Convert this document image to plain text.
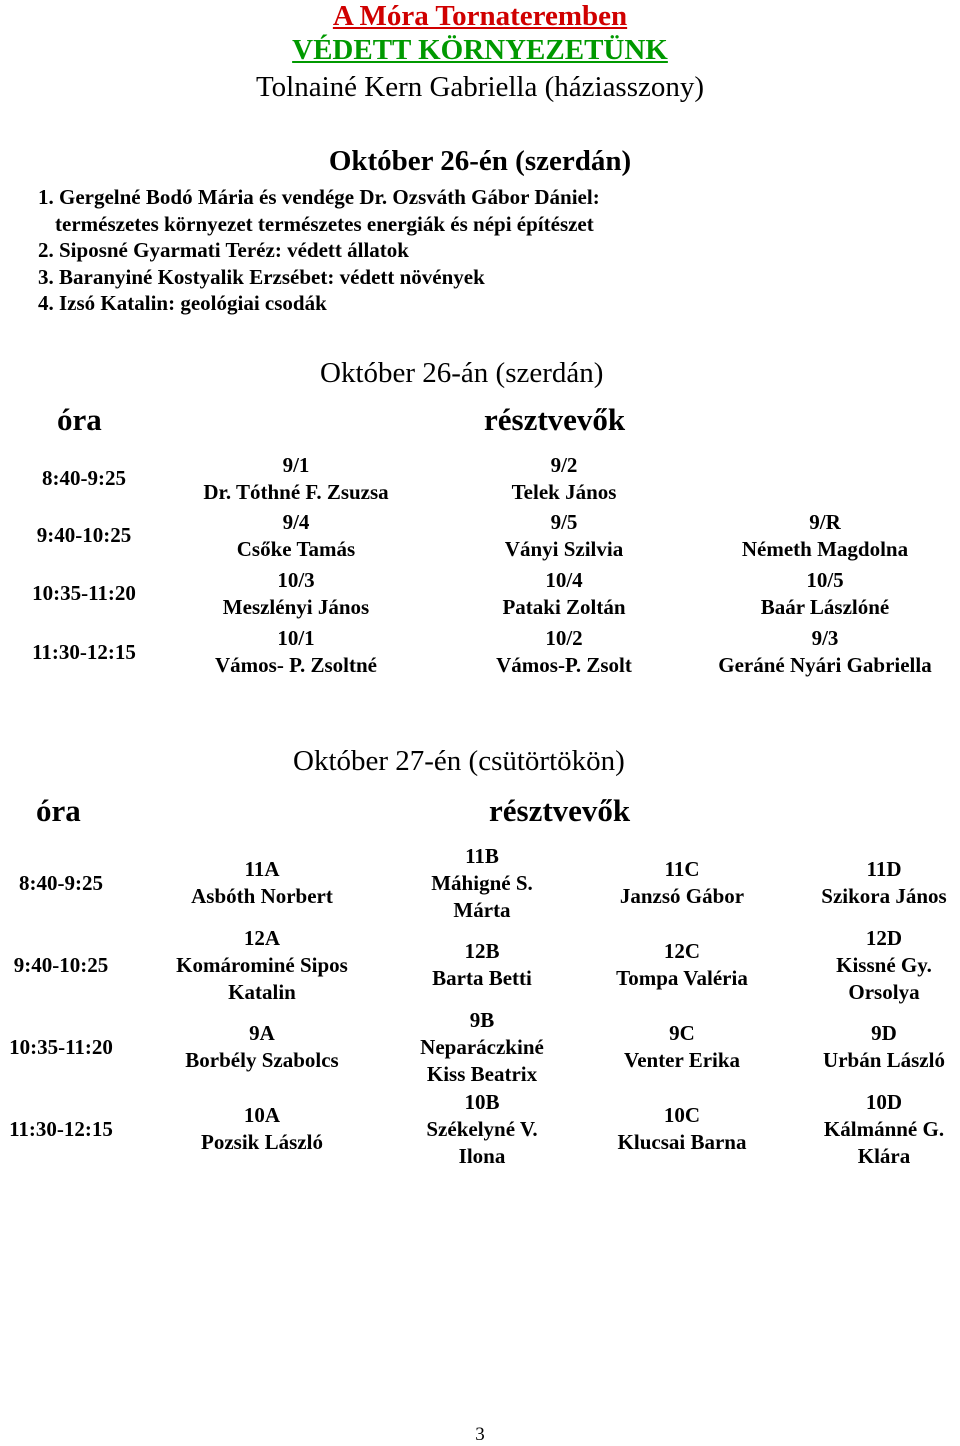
A Móra Tornateremben
VÉDETT KÖRNYEZETÜNK
Tolnainé Kern Gabriella (háziasszony)
Október 26-én (szerdán)
1. Gergelné Bodó Mária és vendége Dr. Ozsváth Gábor Dániel:
természetes környezet természetes energiák és népi építészet
2. Siposné Gyarmati Teréz: védett állatok
3. Baranyiné Kostyalik Erzsébet: védett növények
4. Izsó Katalin: geológiai csodák
Október 26-án (szerdán)
óra	résztvevők
8:40-9:25
9/1
Dr. Tóthné F. Zsuzsa
9/2
Telek János
9:40-10:25
9/4
Csőke Tamás
9/5
Ványi Szilvia
9/R
Németh Magdolna
10:35-11:20
10/3
Meszlényi János
10/4
Pataki Zoltán
10/5
Baár Lászlóné
11:30-12:15
10/1
Vámos- P. Zsoltné
10/2
Vámos-P. Zsolt
9/3
Geráné Nyári Gabriella
Október 27-én (csütörtökön)
óra	résztvevők
8:40-9:25
11A
Asbóth Norbert
11B
Máhigné S.
Márta
11C
Janzsó Gábor
11D
Szikora János
9:40-10:25
12A
Komárominé Sipos
Katalin
12B
Barta Betti
12C
Tompa Valéria
12D
Kissné Gy.
Orsolya
10:35-11:20
9A
Borbély Szabolcs
9B
Neparáczkiné
Kiss Beatrix
9C
Venter Erika
9D
Urbán László
11:30-12:15
10A
Pozsik László
10B
Székelyné V.
Ilona
10C
Klucsai Barna
10D
Kálmánné G.
Klára
3
